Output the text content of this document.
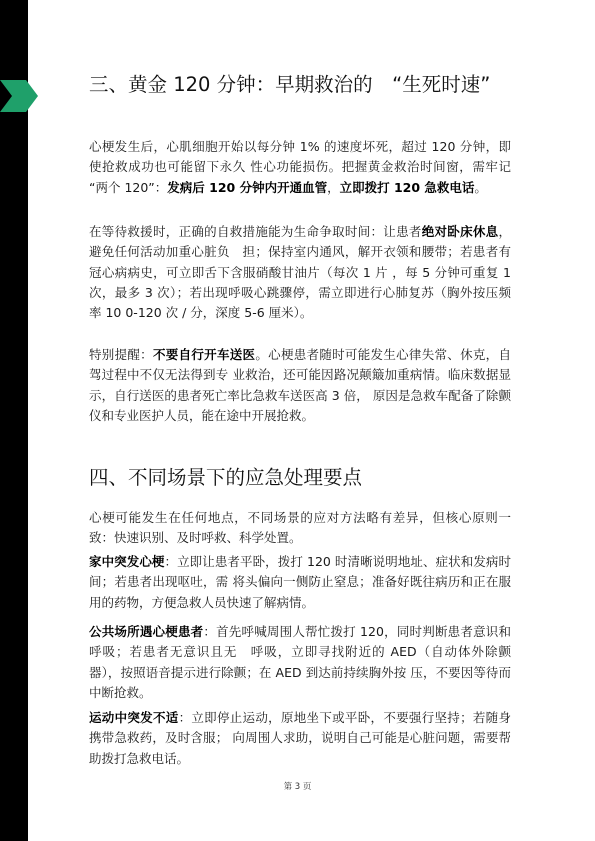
三、黄金 120 分钟：早期救治的　“生死时速”

心梗发生后，心肌细胞开始以每分钟 1% 的速度坏死，超过 120 分钟，即使抢救成功也可能留下永久 性心功能损伤。把握黄金救治时间窗，需牢记 “两个 120”：发病后 120 分钟内开通血管，立即拨打 120 急救电话。

在等待救援时，正确的自救措施能为生命争取时间：让患者绝对卧床休息，避免任何活动加重心脏负　担；保持室内通风，解开衣领和腰带；若患者有冠心病病史，可立即舌下含服硝酸甘油片（每次 1 片 ，每 5 分钟可重复 1 次，最多 3 次）；若出现呼吸心跳骤停，需立即进行心肺复苏（胸外按压频率 10 0-120 次 / 分，深度 5-6 厘米）。

特别提醒：不要自行开车送医。心梗患者随时可能发生心律失常、休克，自驾过程中不仅无法得到专 业救治，还可能因路况颠簸加重病情。临床数据显示，自行送医的患者死亡率比急救车送医高 3 倍， 原因是急救车配备了除颤仪和专业医护人员，能在途中开展抢救。

四、不同场景下的应急处理要点

心梗可能发生在任何地点，不同场景的应对方法略有差异，但核心原则一致：快速识别、及时呼救、科学处置。

家中突发心梗：立即让患者平卧，拨打 120 时清晰说明地址、症状和发病时间；若患者出现呕吐，需 将头偏向一侧防止窒息；准备好既往病历和正在服用的药物，方便急救人员快速了解病情。

公共场所遇心梗患者：首先呼喊周围人帮忙拨打 120，同时判断患者意识和呼吸；若患者无意识且无　呼吸，立即寻找附近的 AED（自动体外除颤器），按照语音提示进行除颤；在 AED 到达前持续胸外按 压，不要因等待而中断抢救。

运动中突发不适：立即停止运动，原地坐下或平卧，不要强行坚持；若随身携带急救药，及时含服； 向周围人求助，说明自己可能是心脏问题，需要帮助拨打急救电话。

第 3 页
